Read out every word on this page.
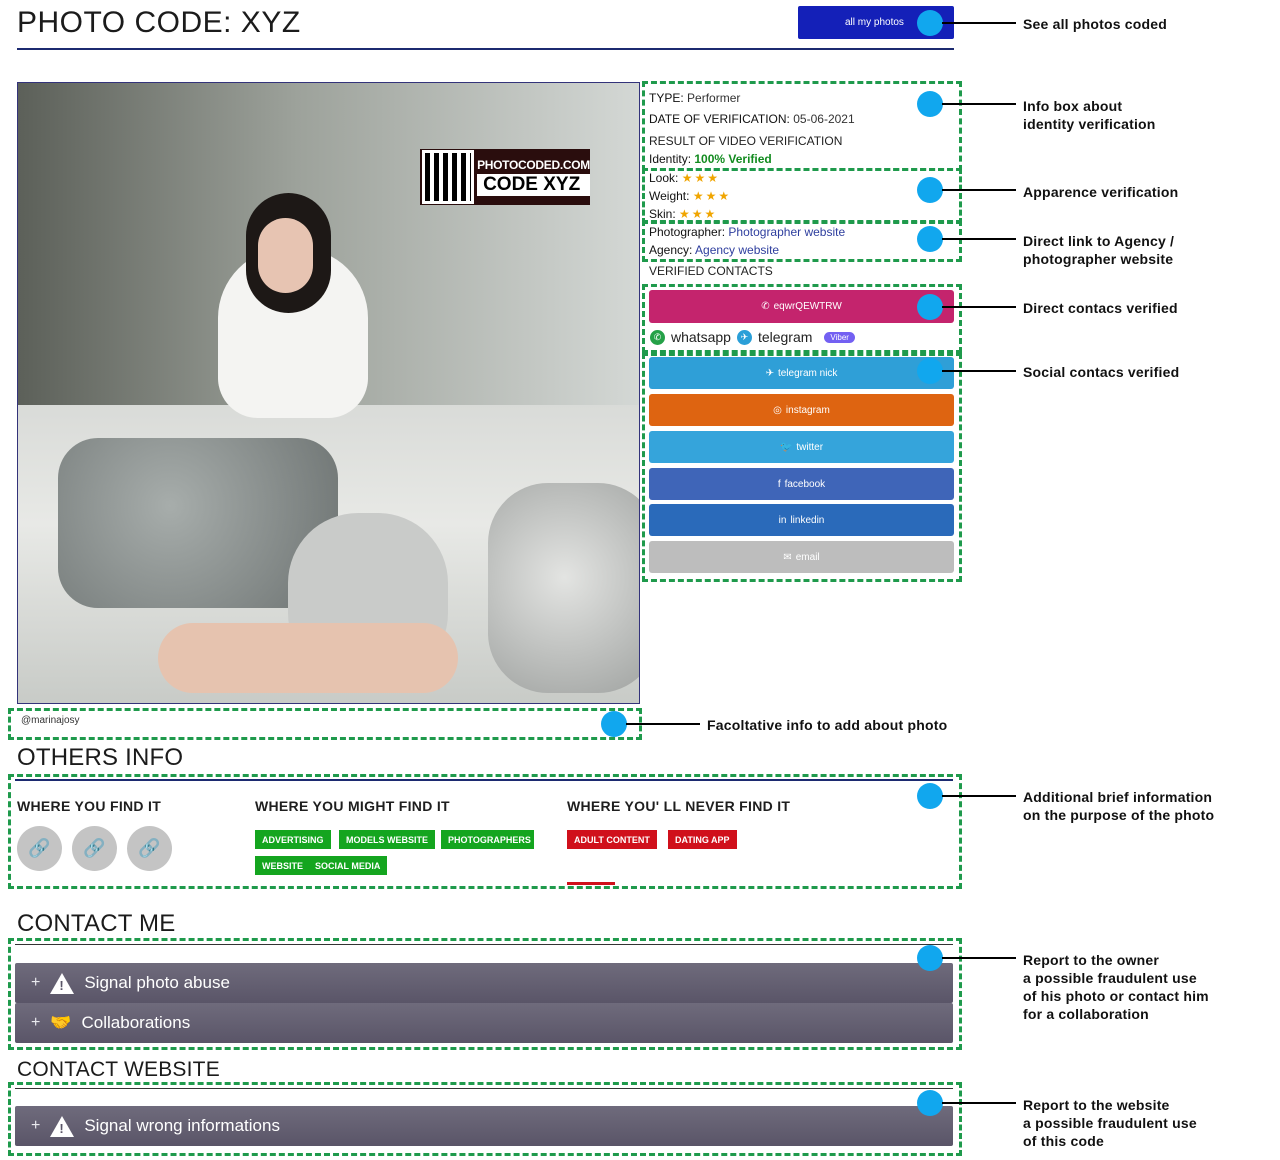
PHOTO CODE: XYZ	all my photos
PHOTOCODED.COM
CODE XYZ
@marinajosy
TYPE: Performer
DATE OF VERIFICATION: 05-06-2021
RESULT OF VIDEO VERIFICATION
Identity: 100% Verified
Look: ★★★
Weight: ★★★
Skin: ★★★
Photographer: Photographer website
Agency: Agency website
VERIFIED CONTACTS
✆ eqwrQEWTRW
✆ whatsapp	✈ telegram	Viber
✈ telegram nick
◎ instagram
🐦 twitter
f facebook
in linkedin
✉ email
OTHERS INFO
WHERE YOU FIND IT	WHERE YOU MIGHT FIND IT	WHERE YOU' LL NEVER FIND IT
🔗 🔗 🔗	ADVERTISING	MODELS WEBSITE	PHOTOGRAPHERS
WEBSITE	SOCIAL MEDIA
ADULT CONTENT	DATING APP
CONTACT ME
+ !	Signal photo abuse
+ 🤝 Collaborations
CONTACT WEBSITE
+ !	Signal wrong informations
See all photos coded
Info box about
identity verification
Apparence verification
Direct link to Agency /
photographer website
Direct contacs verified
Social contacs verified
Facoltative info to add about photo
Additional brief information
on the purpose of the photo
Report to the owner
a possible fraudulent use
of his photo or contact him
for a collaboration
Report to the website
a possible fraudulent use
of this code
